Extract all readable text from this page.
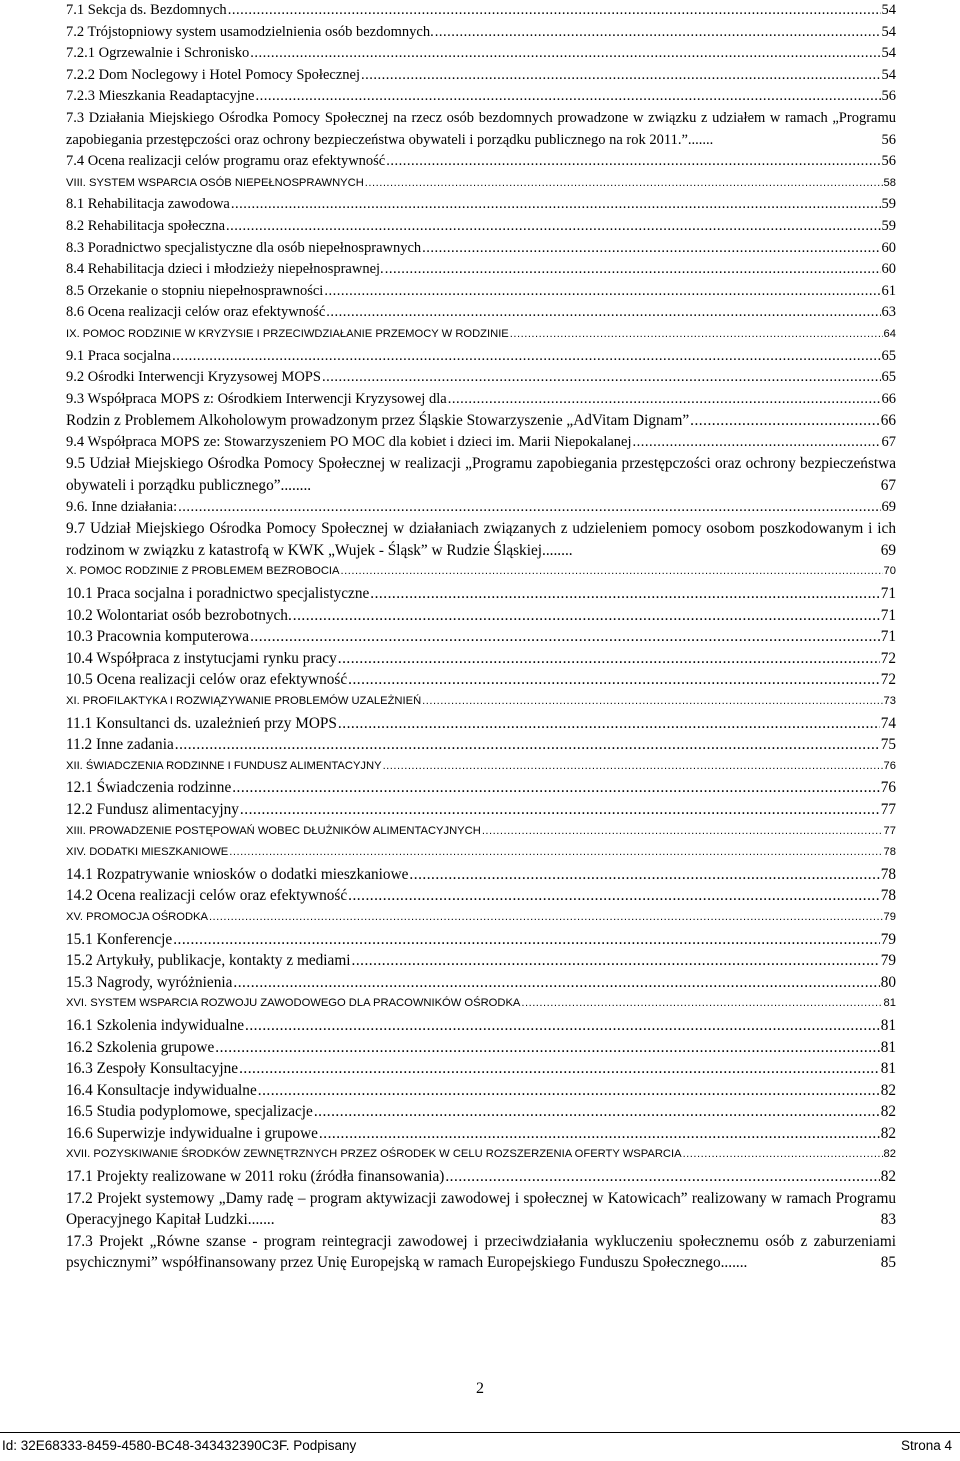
7.1 Sekcja ds. Bezdomnych .....	54
7.2 Trójstopniowy system usamodzielnienia osób bezdomnych. .....	54
7.2.1 Ogrzewalnie i Schronisko .....	54
7.2.2 Dom Noclegowy i Hotel Pomocy Społecznej .....	54
7.2.3 Mieszkania Readaptacyjne .....	56
7.3 Działania Miejskiego Ośrodka Pomocy Społecznej na rzecz osób bezdomnych prowadzone w związku z udziałem w ramach „Programu zapobiegania przestępczości oraz ochrony bezpieczeństwa obywateli i porządku publicznego na rok 2011.”.......	56
7.4 Ocena realizacji celów programu oraz efektywność .....	56
VIII. SYSTEM WSPARCIA OSÓB NIEPEŁNOSPRAWNYCH .....	58
8.1 Rehabilitacja zawodowa .....	59
8.2 Rehabilitacja społeczna .....	59
8.3 Poradnictwo specjalistyczne dla osób niepełnosprawnych .....	60
8.4 Rehabilitacja dzieci i młodzieży niepełnosprawnej. .....	60
8.5 Orzekanie o stopniu niepełnosprawności .....	61
8.6 Ocena realizacji celów oraz efektywność .....	63
IX. POMOC RODZINIE W KRYZYSIE I PRZECIWDZIAŁANIE PRZEMOCY W RODZINIE .....	64
9.1 Praca socjalna .....	65
9.2 Ośrodki Interwencji Kryzysowej MOPS .....	65
9.3 Współpraca MOPS z: Ośrodkiem Interwencji Kryzysowej dla .....	66
Rodzin z Problemem Alkoholowym prowadzonym przez Śląskie Stowarzyszenie „AdVitam Dignam” .....	66
9.4 Współpraca MOPS ze: Stowarzyszeniem PO MOC dla kobiet i dzieci im. Marii Niepokalanej .....	67
9.5 Udział Miejskiego Ośrodka Pomocy Społecznej w realizacji „Programu zapobiegania przestępczości oraz ochrony bezpieczeństwa obywateli i porządku publicznego”........	67
9.6. Inne działania: .....	69
9.7 Udział Miejskiego Ośrodka Pomocy Społecznej w działaniach związanych z udzieleniem pomocy osobom poszkodowanym i ich rodzinom w związku z katastrofą w KWK „Wujek - Śląsk” w Rudzie Śląskiej........	69
X. POMOC RODZINIE Z PROBLEMEM BEZROBOCIA .....	70
10.1 Praca socjalna i poradnictwo specjalistyczne .....	71
10.2 Wolontariat osób bezrobotnych. .....	71
10.3 Pracownia komputerowa .....	71
10.4 Współpraca z instytucjami rynku pracy .....	72
10.5 Ocena realizacji celów oraz efektywność .....	72
XI. PROFILAKTYKA I ROZWIĄZYWANIE PROBLEMÓW UZALEŻNIEŃ .....	73
11.1 Konsultanci ds. uzależnień przy MOPS .....	74
11.2 Inne zadania .....	75
XII. ŚWIADCZENIA RODZINNE I FUNDUSZ ALIMENTACYJNY .....	76
12.1 Świadczenia rodzinne .....	76
12.2 Fundusz alimentacyjny .....	77
XIII. PROWADZENIE POSTĘPOWAŃ WOBEC DŁUŻNIKÓW ALIMENTACYJNYCH .....	77
XIV. DODATKI MIESZKANIOWE .....	78
14.1 Rozpatrywanie wniosków o dodatki mieszkaniowe .....	78
14.2 Ocena realizacji celów oraz efektywność .....	78
XV. PROMOCJA OŚRODKA .....	79
15.1 Konferencje .....	79
15.2 Artykuły, publikacje, kontakty z mediami .....	79
15.3 Nagrody, wyróżnienia .....	80
XVI. SYSTEM WSPARCIA ROZWOJU ZAWODOWEGO DLA PRACOWNIKÓW OŚRODKA .....	81
16.1 Szkolenia indywidualne .....	81
16.2 Szkolenia grupowe .....	81
16.3 Zespoły Konsultacyjne .....	81
16.4 Konsultacje indywidualne .....	82
16.5 Studia podyplomowe, specjalizacje .....	82
16.6 Superwizje indywidualne i grupowe .....	82
XVII. POZYSKIWANIE ŚRODKÓW ZEWNĘTRZNYCH PRZEZ OŚRODEK W CELU ROZSZERZENIA OFERTY WSPARCIA .....	82
17.1 Projekty realizowane w 2011 roku (źródła finansowania) .....	82
17.2 Projekt systemowy „Damy radę – program aktywizacji zawodowej i społecznej w Katowicach” realizowany w ramach Programu Operacyjnego Kapitał Ludzki.......	83
17.3 Projekt „Równe szanse - program reintegracji zawodowej i przeciwdziałania wykluczeniu społecznemu osób z zaburzeniami psychicznymi” współfinansowany przez Unię Europejską w ramach Europejskiego Funduszu Społecznego.......	85
2
Id: 32E68333-8459-4580-BC48-343432390C3F. Podpisany	Strona 4
